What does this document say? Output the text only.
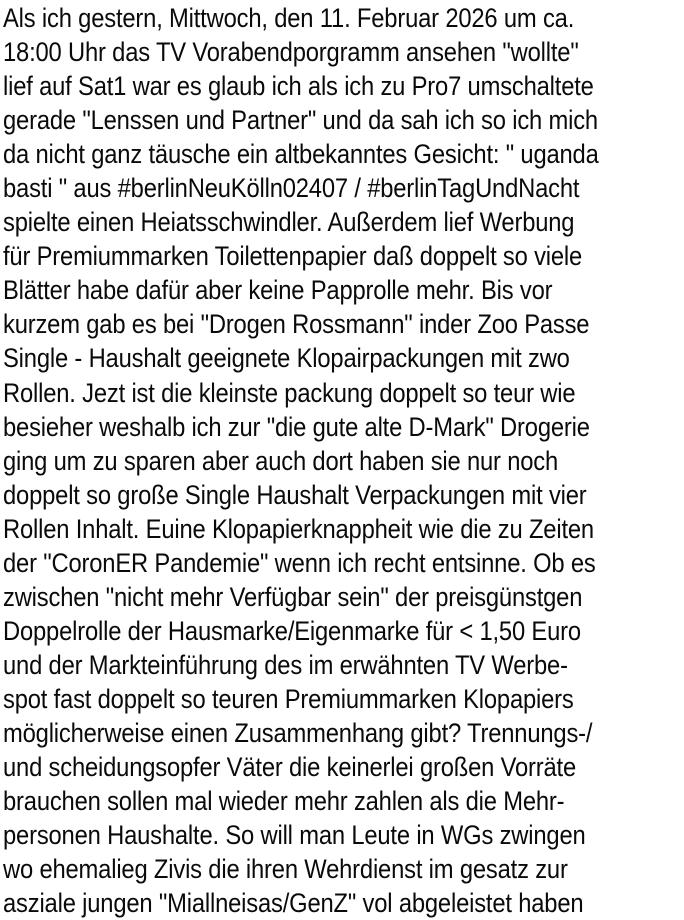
Als ich gestern, Mittwoch, den 11. Februar 2026 um ca.
18:00 Uhr das TV Vorabendporgramm ansehen "wollte"
lief auf Sat1 war es glaub ich als ich zu Pro7 umschaltete
gerade "Lenssen und Partner" und da sah ich so ich mich
da nicht ganz täusche ein altbekanntes Gesicht: " uganda
basti " aus #berlinNeuKölln02407 / #berlinTagUndNacht
spielte einen Heiatsschwindler. Außerdem lief Werbung
für Premiummarken Toilettenpapier daß doppelt so viele
Blätter habe dafür aber keine Papprolle mehr. Bis vor
kurzem gab es bei "Drogen Rossmann" inder Zoo Passe
Single - Haushalt geeignete Klopairpackungen mit zwo
Rollen. Jezt ist die kleinste packung doppelt so teur wie
besieher weshalb ich zur "die gute alte D-Mark" Drogerie
ging um zu sparen aber auch dort haben sie nur noch
doppelt so große Single Haushalt Verpackungen mit vier
Rollen Inhalt. Euine Klopapierknappheit wie die zu Zeiten
der "CoronER Pandemie" wenn ich recht entsinne. Ob es
zwischen "nicht mehr Verfügbar sein" der preisgünstgen
Doppelrolle der Hausmarke/Eigenmarke für < 1,50 Euro
und der Markteinführung des im erwähnten TV Werbe-
spot fast doppelt so teuren Premiummarken Klopapiers
möglicherweise einen Zusammenhang gibt? Trennungs-/
und scheidungsopfer Väter die keinerlei großen Vorräte
brauchen sollen mal wieder mehr zahlen als die Mehr-
personen Haushalte. So will man Leute in WGs zwingen
wo ehemalieg Zivis die ihren Wehrdienst im gesatz zur
asziale jungen "Miallneisas/GenZ" vol abgeleistet haben
